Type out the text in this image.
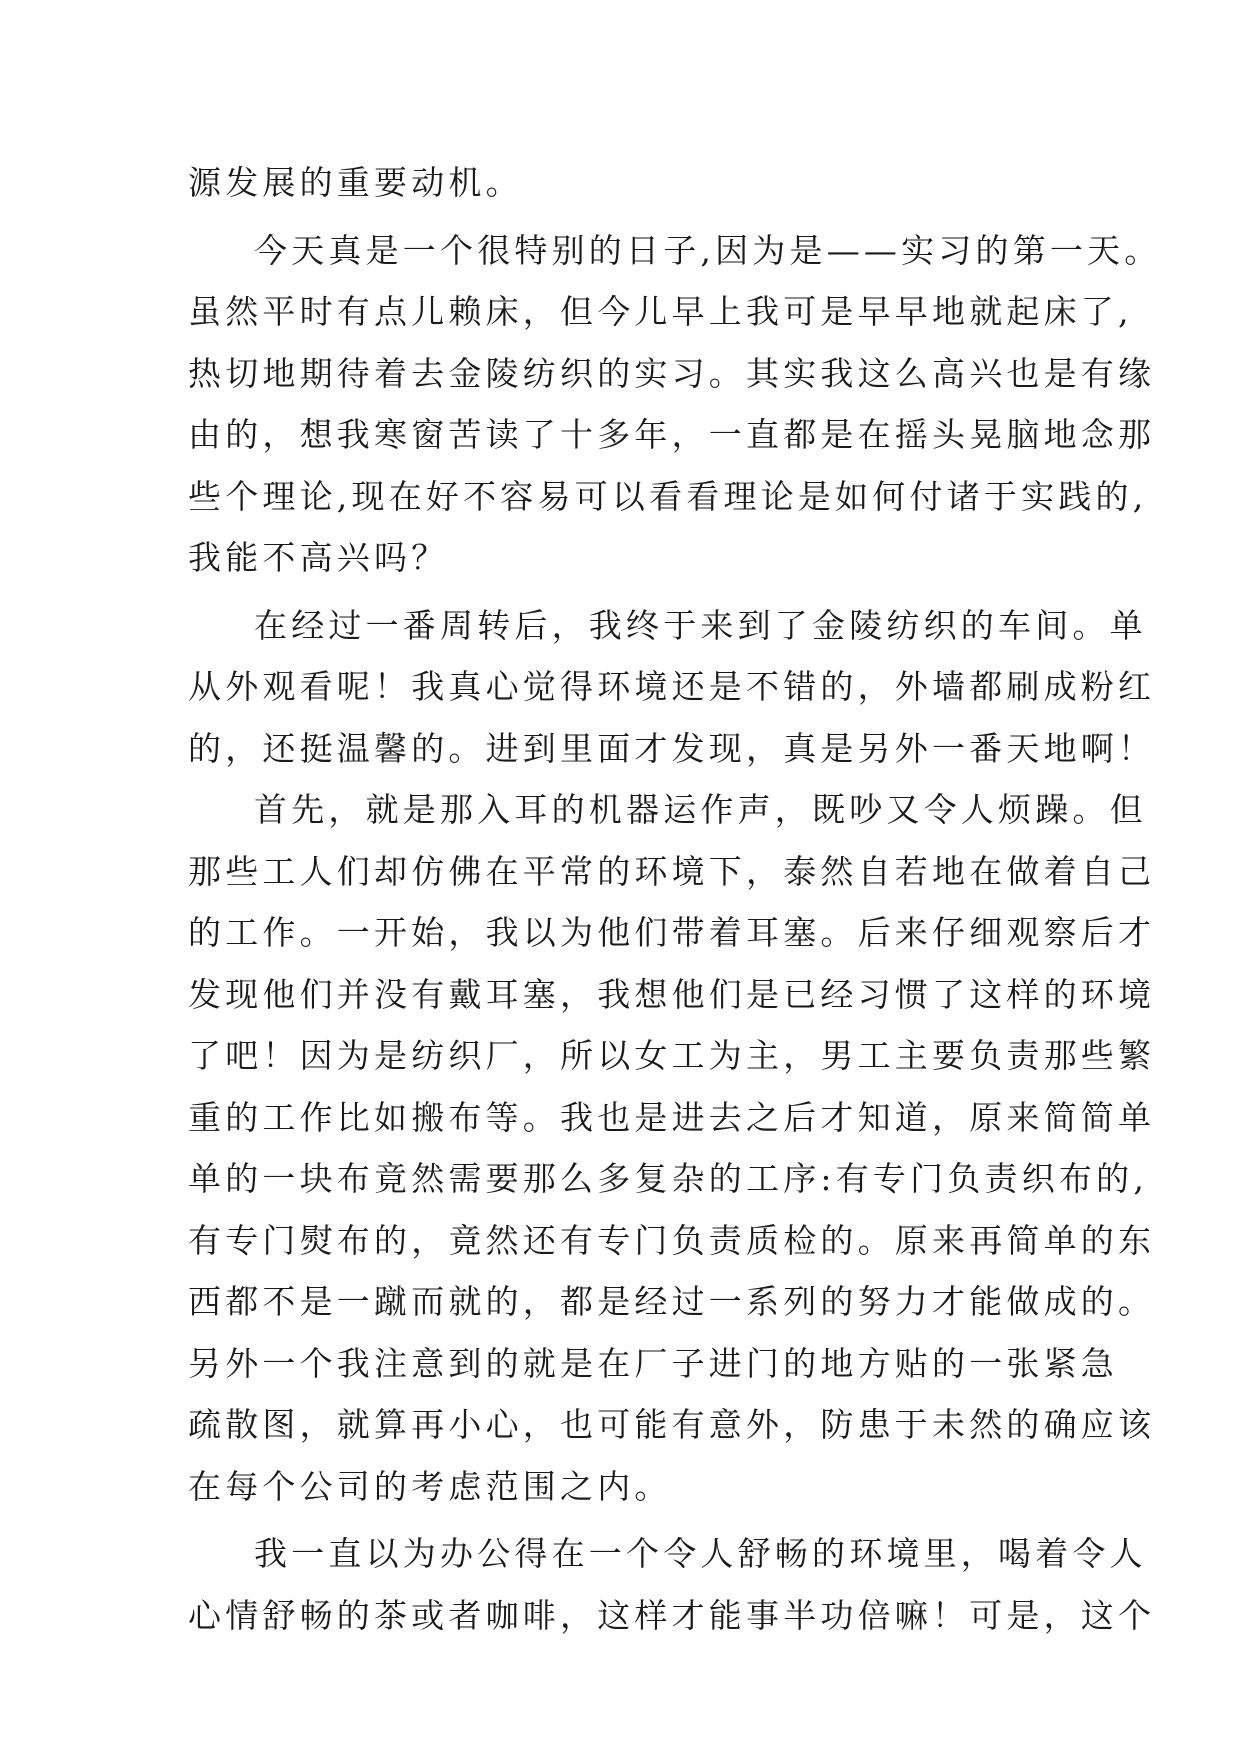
源发展的重要动机。
今天真是一个很特别的日子,因为是——实习的第一天。
虽然平时有点儿赖床，但今儿早上我可是早早地就起床了,
热切地期待着去金陵纺织的实习。其实我这么高兴也是有缘
由的，想我寒窗苦读了十多年，一直都是在摇头晃脑地念那
些个理论,现在好不容易可以看看理论是如何付诸于实践的,
我能不高兴吗？
在经过一番周转后，我终于来到了金陵纺织的车间。单
从外观看呢！我真心觉得环境还是不错的，外墙都刷成粉红
的，还挺温馨的。进到里面才发现，真是另外一番天地啊！
首先，就是那入耳的机器运作声，既吵又令人烦躁。但
那些工人们却仿佛在平常的环境下，泰然自若地在做着自己
的工作。一开始，我以为他们带着耳塞。后来仔细观察后才
发现他们并没有戴耳塞，我想他们是已经习惯了这样的环境
了吧！因为是纺织厂，所以女工为主，男工主要负责那些繁
重的工作比如搬布等。我也是进去之后才知道，原来简简单
单的一块布竟然需要那么多复杂的工序:有专门负责织布的,
有专门熨布的，竟然还有专门负责质检的。原来再简单的东
西都不是一蹴而就的，都是经过一系列的努力才能做成的。
另外一个我注意到的就是在厂子进门的地方贴的一张紧急
疏散图，就算再小心，也可能有意外，防患于未然的确应该
在每个公司的考虑范围之内。
我一直以为办公得在一个令人舒畅的环境里，喝着令人
心情舒畅的茶或者咖啡，这样才能事半功倍嘛！可是，这个
